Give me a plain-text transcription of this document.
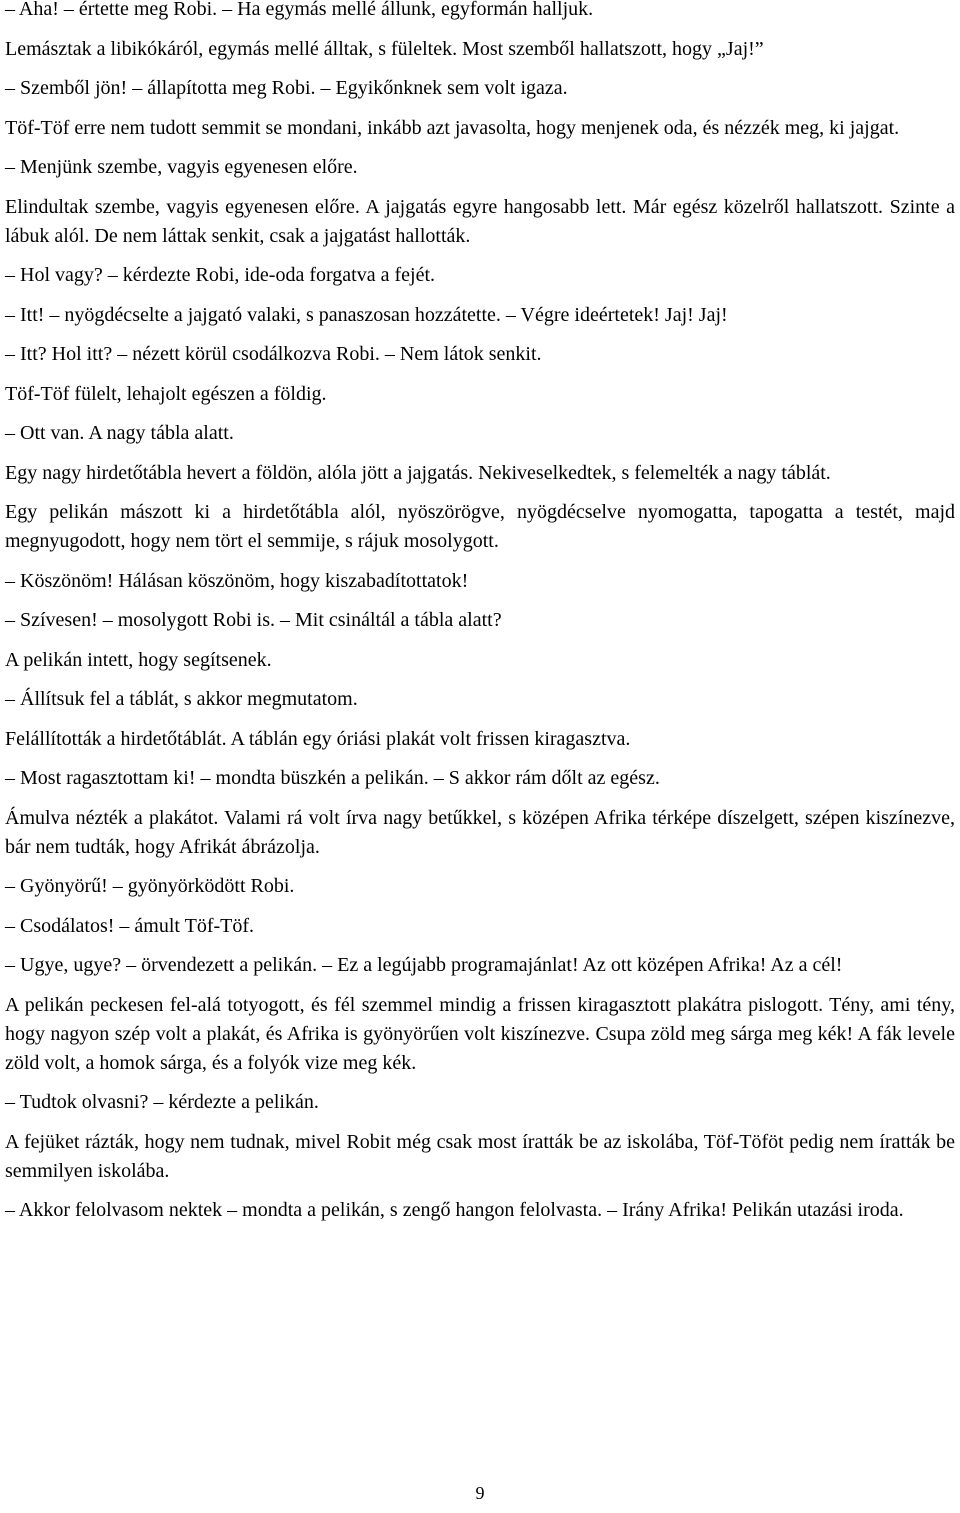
– Aha! – értette meg Robi. – Ha egymás mellé állunk, egyformán halljuk.

Lemásztak a libikókáról, egymás mellé álltak, s füleltek. Most szemből hallatszott, hogy „Jaj!”

– Szemből jön! – állapította meg Robi. – Egyikőnknek sem volt igaza.

Töf-Töf erre nem tudott semmit se mondani, inkább azt javasolta, hogy menjenek oda, és nézzék meg, ki jajgat.

– Menjünk szembe, vagyis egyenesen előre.

Elindultak szembe, vagyis egyenesen előre. A jajgatás egyre hangosabb lett. Már egész közelről hallatszott. Szinte a lábuk alól. De nem láttak senkit, csak a jajgatást hallották.

– Hol vagy? – kérdezte Robi, ide-oda forgatva a fejét.

– Itt! – nyögdécselte a jajgató valaki, s panaszosan hozzátette. – Végre ideértetek! Jaj! Jaj!

– Itt? Hol itt? – nézett körül csodálkozva Robi. – Nem látok senkit.

Töf-Töf fülelt, lehajolt egészen a földig.

– Ott van. A nagy tábla alatt.

Egy nagy hirdetőtábla hevert a földön, alóla jött a jajgatás. Nekiveselkedtek, s felemelték a nagy táblát.

Egy pelikán mászott ki a hirdetőtábla alól, nyöszörögve, nyögdécselve nyomogatta, tapogatta a testét, majd megnyugodott, hogy nem tört el semmije, s rájuk mosolygott.

– Köszönöm! Hálásan köszönöm, hogy kiszabadítottatok!

– Szívesen! – mosolygott Robi is. – Mit csináltál a tábla alatt?

A pelikán intett, hogy segítsenek.

– Állítsuk fel a táblát, s akkor megmutatom.

Felállították a hirdetőtáblát. A táblán egy óriási plakát volt frissen kiragasztva.

– Most ragasztottam ki! – mondta büszkén a pelikán. – S akkor rám dőlt az egész.

Ámulva nézték a plakátot. Valami rá volt írva nagy betűkkel, s középen Afrika térképe díszelgett, szépen kiszínezve, bár nem tudták, hogy Afrikát ábrázolja.

– Gyönyörű! – gyönyörködött Robi.

– Csodálatos! – ámult Töf-Töf.

– Ugye, ugye? – örvendezett a pelikán. – Ez a legújabb programajánlat! Az ott középen Afrika! Az a cél!

A pelikán peckesen fel-alá totyogott, és fél szemmel mindig a frissen kiragasztott plakátra pislogott. Tény, ami tény, hogy nagyon szép volt a plakát, és Afrika is gyönyörűen volt kiszínezve. Csupa zöld meg sárga meg kék! A fák levele zöld volt, a homok sárga, és a folyók vize meg kék.

– Tudtok olvasni? – kérdezte a pelikán.

A fejüket rázták, hogy nem tudnak, mivel Robit még csak most íratták be az iskolába, Töf-Töföt pedig nem íratták be semmilyen iskolába.

– Akkor felolvasom nektek – mondta a pelikán, s zengő hangon felolvasta. – Irány Afrika! Pelikán utazási iroda.

9
